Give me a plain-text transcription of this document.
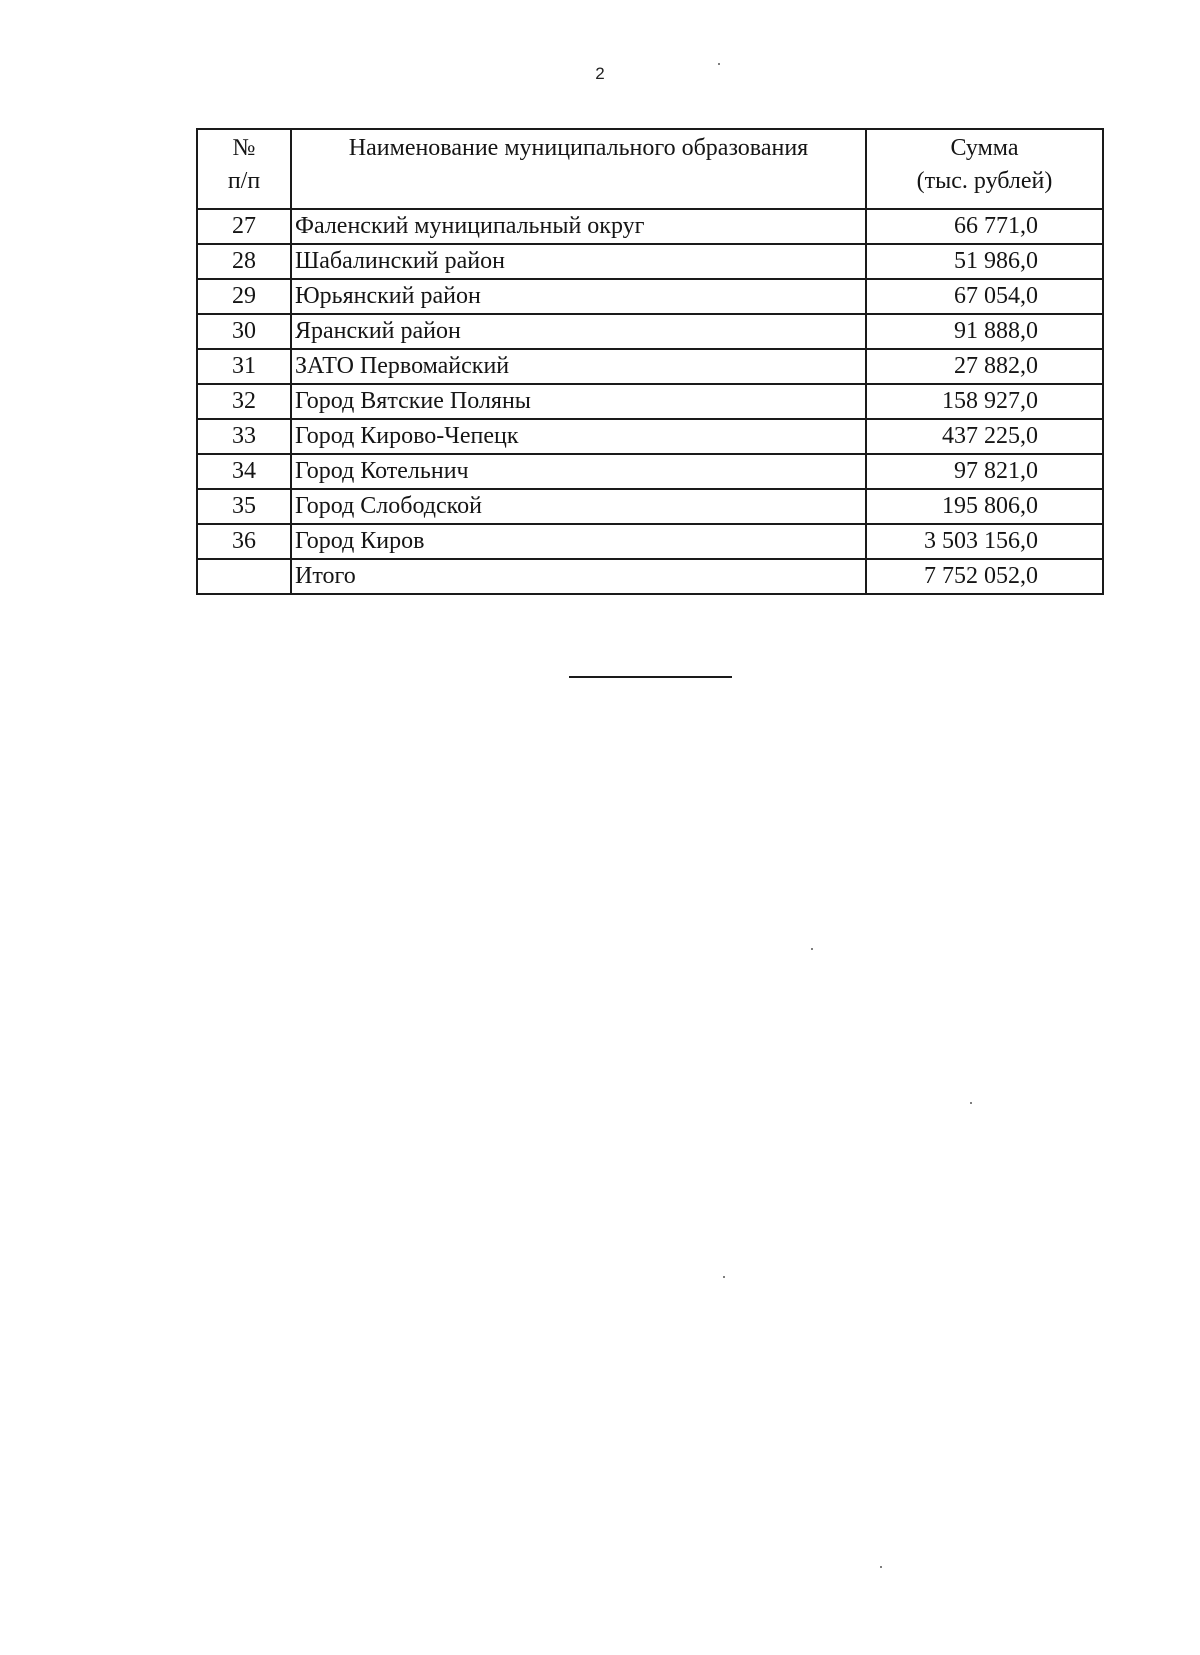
2
№
п/п	Наименование муниципального образования	Сумма
(тыс. рублей)

27	Фаленский муниципальный округ	66 771,0
28	Шабалинский район	51 986,0
29	Юрьянский район	67 054,0
30	Яранский район	91 888,0
31	ЗАТО Первомайский	27 882,0
32	Город Вятские Поляны	158 927,0
33	Город Кирово-Чепецк	437 225,0
34	Город Котельнич	97 821,0
35	Город Слободской	195 806,0
36	Город Киров	3 503 156,0
	Итого	7 752 052,0
